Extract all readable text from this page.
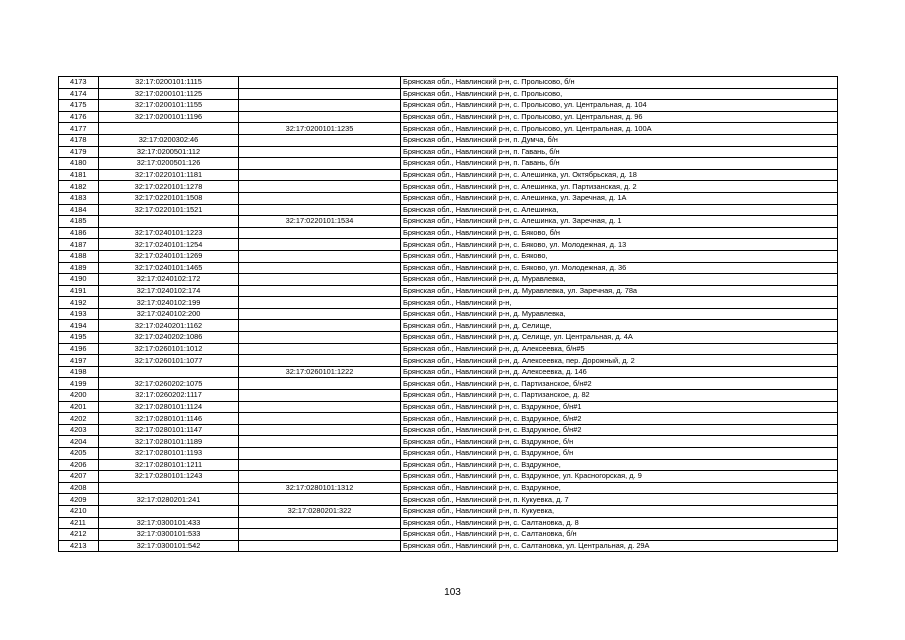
4173	32:17:0200101:1115		Брянская обл., Навлинский р-н, с. Пролысово, б/н
4174	32:17:0200101:1125		Брянская обл., Навлинский р-н, с. Пролысово,
4175	32:17:0200101:1155		Брянская обл., Навлинский р-н, с. Пролысово, ул. Центральная, д. 104
4176	32:17:0200101:1196		Брянская обл., Навлинский р-н, с. Пролысово, ул. Центральная, д. 96
4177		32:17:0200101:1235	Брянская обл., Навлинский р-н, с. Пролысово, ул. Центральная, д. 100А
4178	32:17:0200302:46		Брянская обл., Навлинский р-н, п. Думча, б/н
4179	32:17:0200501:112		Брянская обл., Навлинский р-н, п. Гавань, б/н
4180	32:17:0200501:126		Брянская обл., Навлинский р-н, п. Гавань, б/н
4181	32:17:0220101:1181		Брянская обл., Навлинский р-н, с. Алешинка, ул. Октябрьская, д. 18
4182	32:17:0220101:1278		Брянская обл., Навлинский р-н, с. Алешинка, ул. Партизанская, д. 2
4183	32:17:0220101:1508		Брянская обл., Навлинский р-н, с. Алешинка, ул. Заречная, д. 1А
4184	32:17:0220101:1521		Брянская обл., Навлинский р-н, с. Алешинка,
4185		32:17:0220101:1534	Брянская обл., Навлинский р-н, с. Алешинка, ул. Заречная, д. 1
4186	32:17:0240101:1223		Брянская обл., Навлинский р-н, с. Бяково, б/н
4187	32:17:0240101:1254		Брянская обл., Навлинский р-н, с. Бяково, ул. Молодежная, д. 13
4188	32:17:0240101:1269		Брянская обл., Навлинский р-н, с. Бяково,
4189	32:17:0240101:1465		Брянская обл., Навлинский р-н, с. Бяково, ул. Молодежная, д. 36
4190	32:17:0240102:172		Брянская обл., Навлинский р-н, д. Муравлевка,
4191	32:17:0240102:174		Брянская обл., Навлинский р-н, д. Муравлевка, ул. Заречная, д. 78а
4192	32:17:0240102:199		Брянская обл., Навлинский р-н,
4193	32:17:0240102:200		Брянская обл., Навлинский р-н, д. Муравлевка,
4194	32:17:0240201:1162		Брянская обл., Навлинский р-н, д. Селище,
4195	32:17:0240202:1086		Брянская обл., Навлинский р-н, д. Селище, ул. Центральная, д. 4А
4196	32:17:0260101:1012		Брянская обл., Навлинский р-н, д. Алексеевка, б/н#5
4197	32:17:0260101:1077		Брянская обл., Навлинский р-н, д. Алексеевка, пер. Дорожный, д. 2
4198		32:17:0260101:1222	Брянская обл., Навлинский р-н, д. Алексеевка, д. 146
4199	32:17:0260202:1075		Брянская обл., Навлинский р-н, с. Партизанское, б/н#2
4200	32:17:0260202:1117		Брянская обл., Навлинский р-н, с. Партизанское, д. 82
4201	32:17:0280101:1124		Брянская обл., Навлинский р-н, с. Вздружное, б/н#1
4202	32:17:0280101:1146		Брянская обл., Навлинский р-н, с. Вздружное, б/н#2
4203	32:17:0280101:1147		Брянская обл., Навлинский р-н, с. Вздружное, б/н#2
4204	32:17:0280101:1189		Брянская обл., Навлинский р-н, с. Вздружное, б/н
4205	32:17:0280101:1193		Брянская обл., Навлинский р-н, с. Вздружное, б/н
4206	32:17:0280101:1211		Брянская обл., Навлинский р-н, с. Вздружное,
4207	32:17:0280101:1243		Брянская обл., Навлинский р-н, с. Вздружное, ул. Красногорская, д. 9
4208		32:17:0280101:1312	Брянская обл., Навлинский р-н, с. Вздружное,
4209	32:17:0280201:241		Брянская обл., Навлинский р-н, п. Кукуевка, д. 7
4210		32:17:0280201:322	Брянская обл., Навлинский р-н, п. Кукуевка,
4211	32:17:0300101:433		Брянская обл., Навлинский р-н, с. Салтановка, д. 8
4212	32:17:0300101:533		Брянская обл., Навлинский р-н, с. Салтановка, б/н
4213	32:17:0300101:542		Брянская обл., Навлинский р-н, с. Салтановка, ул. Центральная, д. 29А
103
